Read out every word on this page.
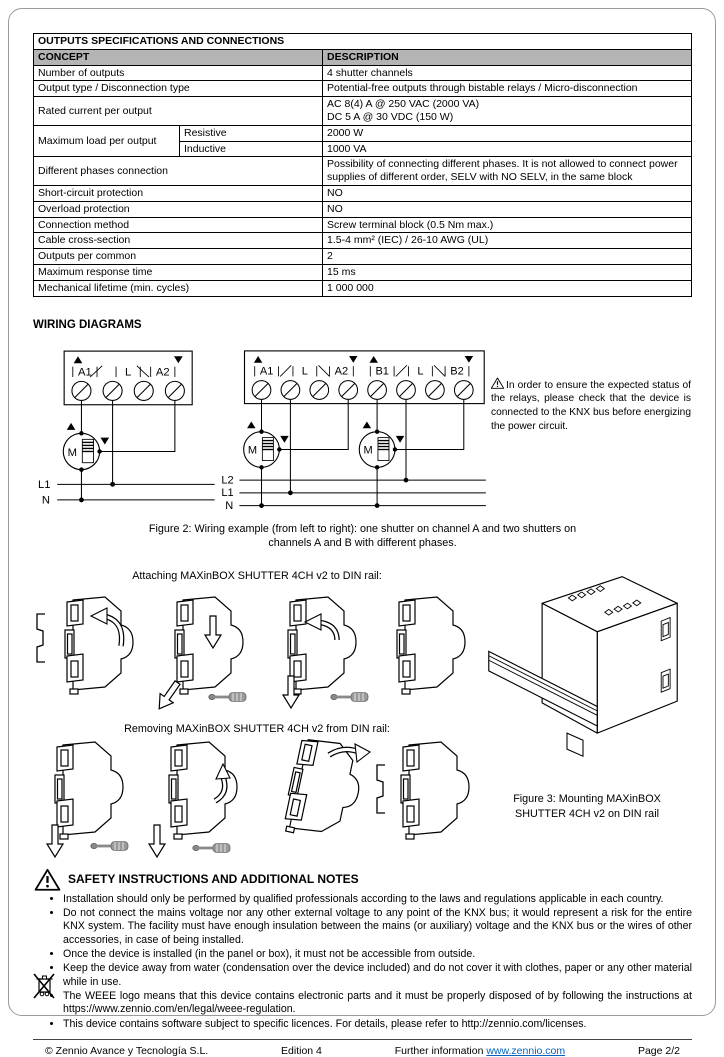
OUTPUTS SPECIFICATIONS AND CONNECTIONS		
CONCEPT		DESCRIPTION
Number of outputs		4 shutter channels
Output type / Disconnection type		Potential-free outputs through bistable relays / Micro-disconnection
Rated current per output		AC 8(4) A @ 250 VAC (2000 VA)
DC 5 A @ 30 VDC (150 W)

Maximum load per output	Resistive	2000 W
	Inductive	1000 VA
Different phases connection		Possibility of connecting different phases. It is not allowed to connect power supplies of different order, SELV with NO SELV, in the same block
Short-circuit protection		NO
Overload protection		NO
Connection method		Screw terminal block (0.5 Nm max.)
Cable cross-section		1.5-4 mm² (IEC) / 26-10 AWG (UL)
Outputs per common		2
Maximum response time		15 ms
Mechanical lifetime (min. cycles)		1 000 000
WIRING DIAGRAMS
A1	L A2
L1
N
A1 L A2 B1 L B2
L2
L1
N
In order to ensure the expected status of the relays, please check that the device is connected to the KNX bus before energizing the power circuit.
Figure 2: Wiring example (from left to right): one shutter on channel A and two shutters on channels A and B with different phases.
Attaching MAXinBOX SHUTTER 4CH v2 to DIN rail:
Removing MAXinBOX SHUTTER 4CH v2 from DIN rail:
Figure 3: Mounting MAXinBOX SHUTTER 4CH v2 on DIN rail
SAFETY INSTRUCTIONS AND ADDITIONAL NOTES
• Installation should only be performed by qualified professionals according to the laws and regulations applicable in each country.
• Do not connect the mains voltage nor any other external voltage to any point of the KNX bus; it would represent a risk for the entire KNX system. The facility must have enough insulation between the mains (or auxiliary) voltage and the KNX bus or the wires of other accessories, in case of being installed.
• Once the device is installed (in the panel or box), it must not be accessible from outside.
• Keep the device away from water (condensation over the device included) and do not cover it with clothes, paper or any other material while in use.
• The WEEE logo means that this device contains electronic parts and it must be properly disposed of by following the instructions at https://www.zennio.com/en/legal/weee-regulation.
• This device contains software subject to specific licences. For details, please refer to http://zennio.com/licenses.
© Zennio Avance y Tecnología S.L.	Edition 4	Further information www.zennio.com	Page 2/2
